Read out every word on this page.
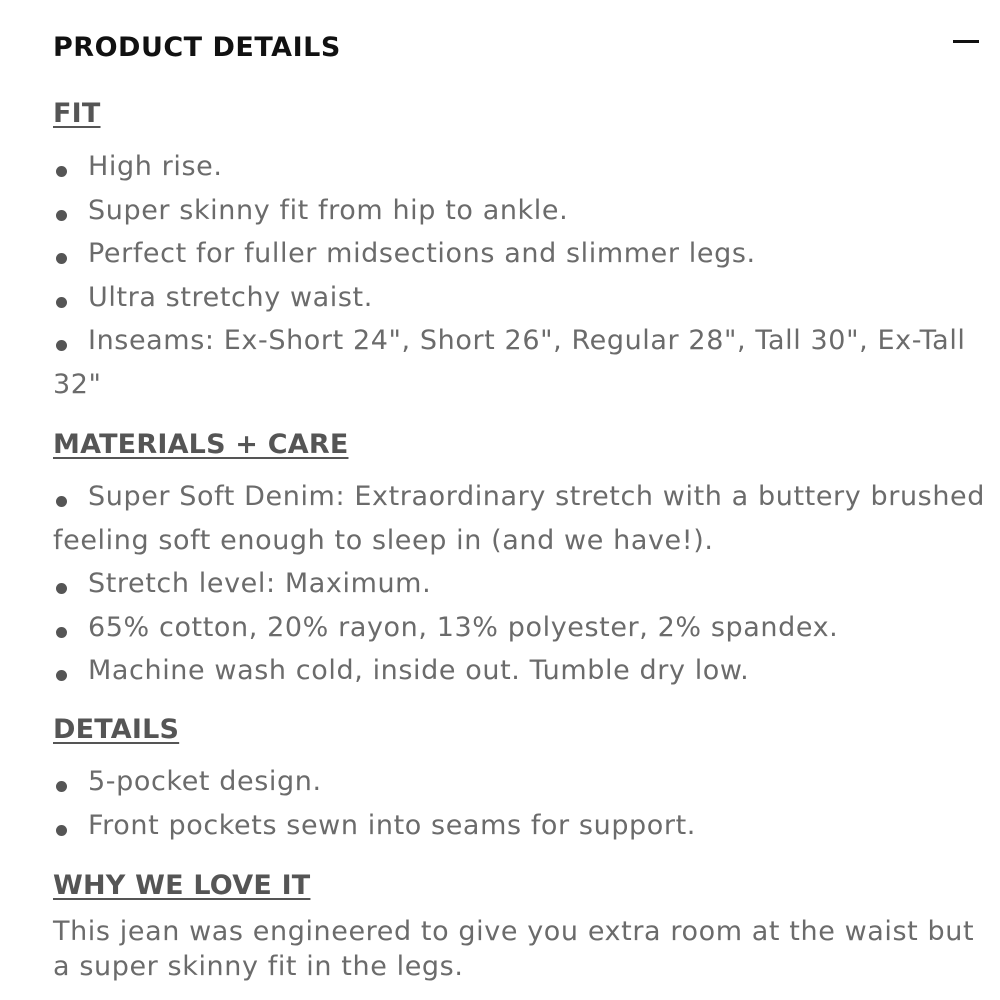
PRODUCT DETAILS
FIT
High rise.
Super skinny fit from hip to ankle.
Perfect for fuller midsections and slimmer legs.
Ultra stretchy waist.
Inseams: Ex-Short 24", Short 26", Regular 28", Tall 30", Ex-Tall 32"
MATERIALS + CARE
Super Soft Denim: Extraordinary stretch with a buttery brushed feeling soft enough to sleep in (and we have!).
Stretch level: Maximum.
65% cotton, 20% rayon, 13% polyester, 2% spandex.
Machine wash cold, inside out. Tumble dry low.
DETAILS
5-pocket design.
Front pockets sewn into seams for support.
WHY WE LOVE IT

This jean was engineered to give you extra room at the waist but a super skinny fit in the legs.
